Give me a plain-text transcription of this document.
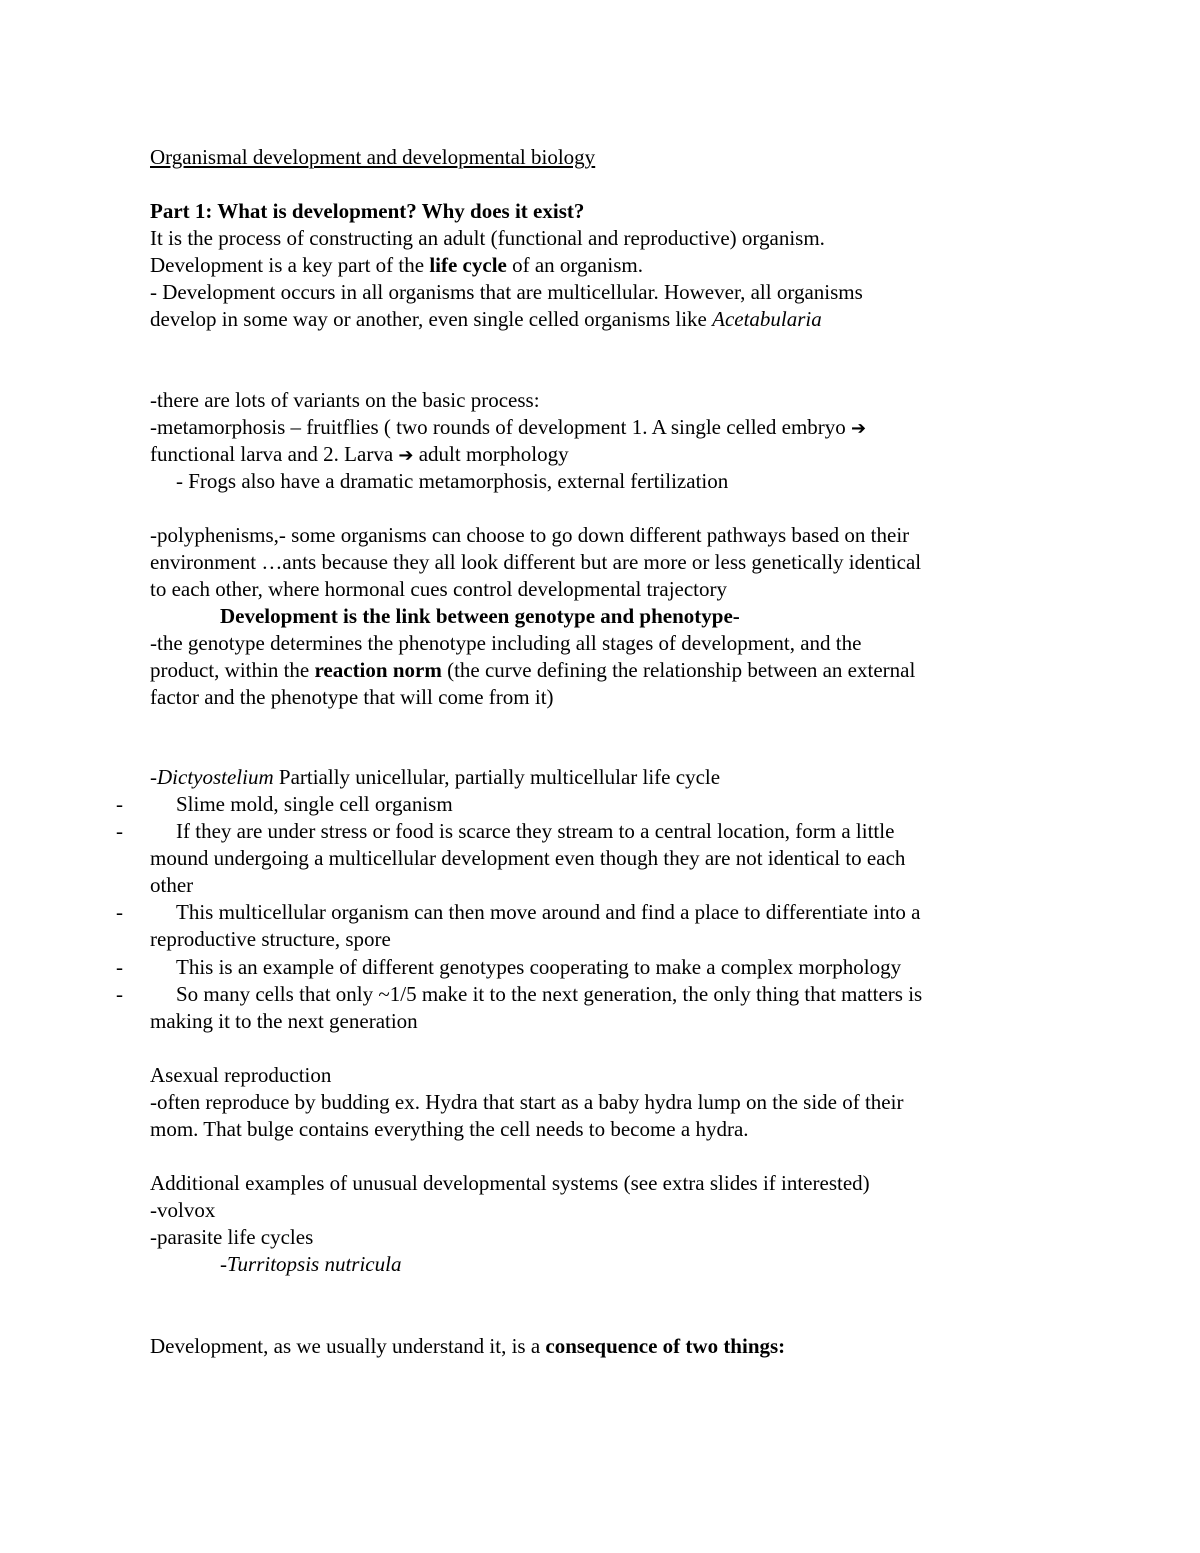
Organismal development and developmental biology
Part 1: What is development? Why does it exist?
It is the process of constructing an adult (functional and reproductive) organism.
Development is a key part of the life cycle of an organism.
- Development occurs in all organisms that are multicellular. However, all organisms
develop in some way or another, even single celled organisms like Acetabularia
-there are lots of variants on the basic process:
-metamorphosis – fruitflies ( two rounds of development 1. A single celled embryo ➔
functional larva and 2. Larva ➔ adult morphology
- Frogs also have a dramatic metamorphosis, external fertilization
-polyphenisms,- some organisms can choose to go down different pathways based on their
environment …ants because they all look different but are more or less genetically identical
to each other, where hormonal cues control developmental trajectory
Development is the link between genotype and phenotype-
-the genotype determines the phenotype including all stages of development, and the
product, within the reaction norm (the curve defining the relationship between an external
factor and the phenotype that will come from it)
-Dictyostelium Partially unicellular, partially multicellular life cycle
-	Slime mold, single cell organism
-	If they are under stress or food is scarce they stream to a central location, form a little
mound undergoing a multicellular development even though they are not identical to each
other
-	This multicellular organism can then move around and find a place to differentiate into a
reproductive structure, spore
-	This is an example of different genotypes cooperating to make a complex morphology
-	So many cells that only ~1/5 make it to the next generation, the only thing that matters is
making it to the next generation
Asexual reproduction
-often reproduce by budding ex. Hydra that start as a baby hydra lump on the side of their
mom. That bulge contains everything the cell needs to become a hydra.
Additional examples of unusual developmental systems (see extra slides if interested)
-volvox
-parasite life cycles
-Turritopsis nutricula
Development, as we usually understand it, is a consequence of two things:
